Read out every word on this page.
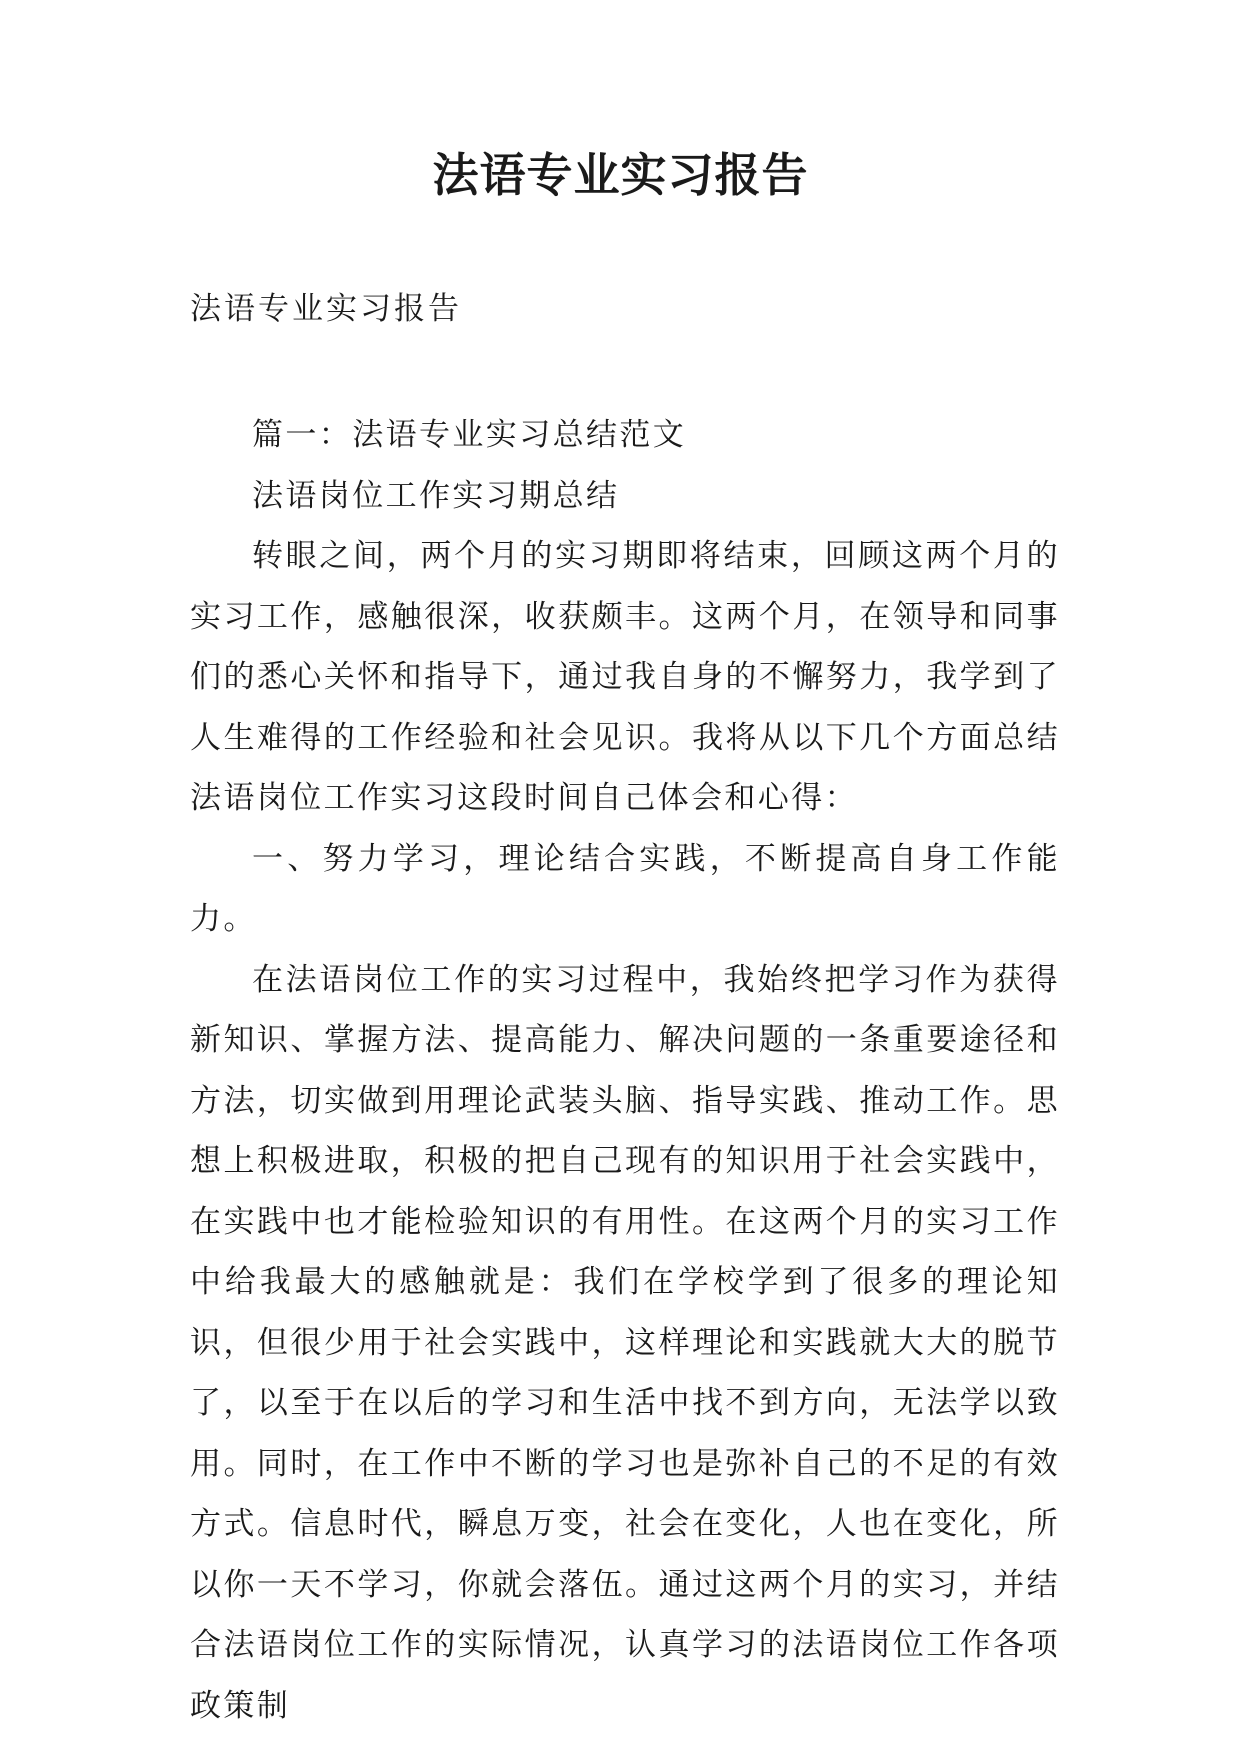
法语专业实习报告
法语专业实习报告

篇一：法语专业实习总结范文

法语岗位工作实习期总结

转眼之间，两个月的实习期即将结束，回顾这两个月的实习工作，感触很深，收获颇丰。这两个月，在领导和同事们的悉心关怀和指导下，通过我自身的不懈努力，我学到了人生难得的工作经验和社会见识。我将从以下几个方面总结法语岗位工作实习这段时间自己体会和心得：

一、努力学习，理论结合实践，不断提高自身工作能力。

在法语岗位工作的实习过程中，我始终把学习作为获得新知识、掌握方法、提高能力、解决问题的一条重要途径和方法，切实做到用理论武装头脑、指导实践、推动工作。思想上积极进取，积极的把自己现有的知识用于社会实践中，在实践中也才能检验知识的有用性。在这两个月的实习工作中给我最大的感触就是：我们在学校学到了很多的理论知识，但很少用于社会实践中，这样理论和实践就大大的脱节了，以至于在以后的学习和生活中找不到方向，无法学以致用。同时，在工作中不断的学习也是弥补自己的不足的有效方式。信息时代，瞬息万变，社会在变化，人也在变化，所以你一天不学习，你就会落伍。通过这两个月的实习，并结合法语岗位工作的实际情况，认真学习的法语岗位工作各项政策制
